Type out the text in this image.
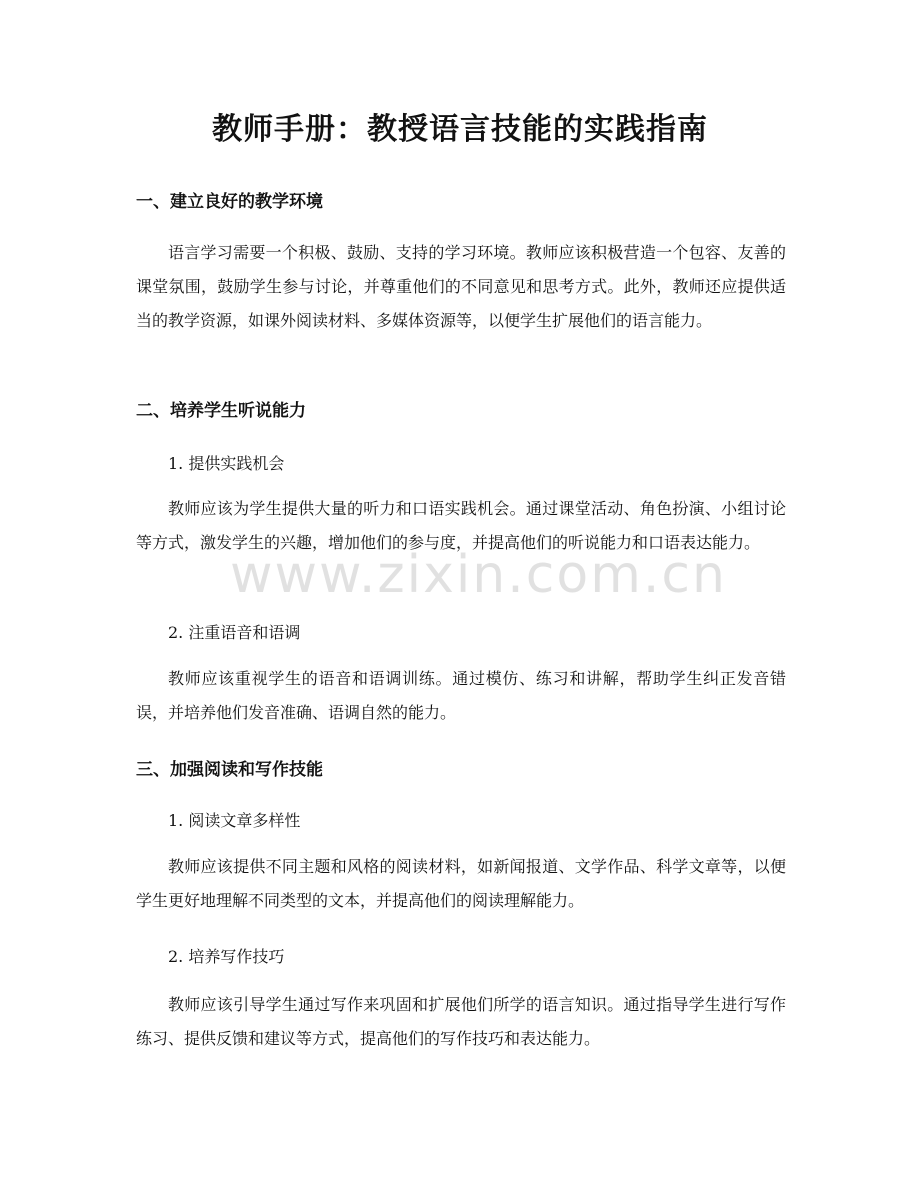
教师手册：教授语言技能的实践指南
一、建立良好的教学环境
语言学习需要一个积极、鼓励、支持的学习环境。教师应该积极营造一个包容、友善的课堂氛围，鼓励学生参与讨论，并尊重他们的不同意见和思考方式。此外，教师还应提供适当的教学资源，如课外阅读材料、多媒体资源等，以便学生扩展他们的语言能力。
二、培养学生听说能力
1. 提供实践机会
教师应该为学生提供大量的听力和口语实践机会。通过课堂活动、角色扮演、小组讨论等方式，激发学生的兴趣，增加他们的参与度，并提高他们的听说能力和口语表达能力。
2. 注重语音和语调
教师应该重视学生的语音和语调训练。通过模仿、练习和讲解，帮助学生纠正发音错误，并培养他们发音准确、语调自然的能力。
三、加强阅读和写作技能
1. 阅读文章多样性
教师应该提供不同主题和风格的阅读材料，如新闻报道、文学作品、科学文章等，以便学生更好地理解不同类型的文本，并提高他们的阅读理解能力。
2. 培养写作技巧
教师应该引导学生通过写作来巩固和扩展他们所学的语言知识。通过指导学生进行写作练习、提供反馈和建议等方式，提高他们的写作技巧和表达能力。
www.zixin.com.cn
